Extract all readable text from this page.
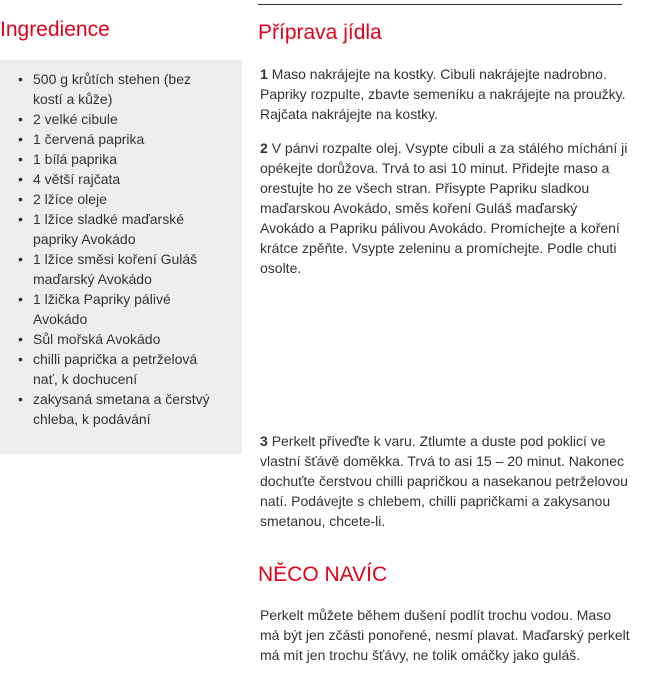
Ingredience
• 500 g krůtích stehen (bez kostí a kůže)
• 2 velké cibule
• 1 červená paprika
• 1 bílá paprika
• 4 větší rajčata
• 2 lžíce oleje
• 1 lžíce sladké maďarské papriky Avokádo
• 1 lžíce směsi koření Guláš maďarský Avokádo
• 1 lžička Papriky pálivé Avokádo
• Sůl mořská Avokádo
• chilli paprička a petrželová nať, k dochucení
• zakysaná smetana a čerstvý chleba, k podávání
Příprava jídla

1 Maso nakrájejte na kostky. Cibuli nakrájejte nadrobno. Papriky rozpulte, zbavte semeníku a nakrájejte na proužky. Rajčata nakrájejte na kostky.

2 V pánvi rozpalte olej. Vsypte cibuli a za stálého míchání ji opékejte dorůžova. Trvá to asi 10 minut. Přidejte maso a orestujte ho ze všech stran. Přisypte Papriku sladkou maďarskou Avokádo, směs koření Guláš maďarský Avokádo a Papriku pálivou Avokádo. Promíchejte a koření krátce zpěňte. Vsypte zeleninu a promíchejte. Podle chuti osolte.

3 Perkelt přiveďte k varu. Ztlumte a duste pod poklicí ve vlastní šťávě doměkka. Trvá to asi 15 – 20 minut. Nakonec dochuťte čerstvou chilli papričkou a nasekanou petrželovou natí. Podávejte s chlebem, chilli papričkami a zakysanou smetanou, chcete-li.

NĚCO NAVÍC

Perkelt můžete během dušení podlít trochu vodou. Maso má být jen zčásti ponořené, nesmí plavat. Maďarský perkelt má mít jen trochu šťávy, ne tolik omáčky jako guláš.
